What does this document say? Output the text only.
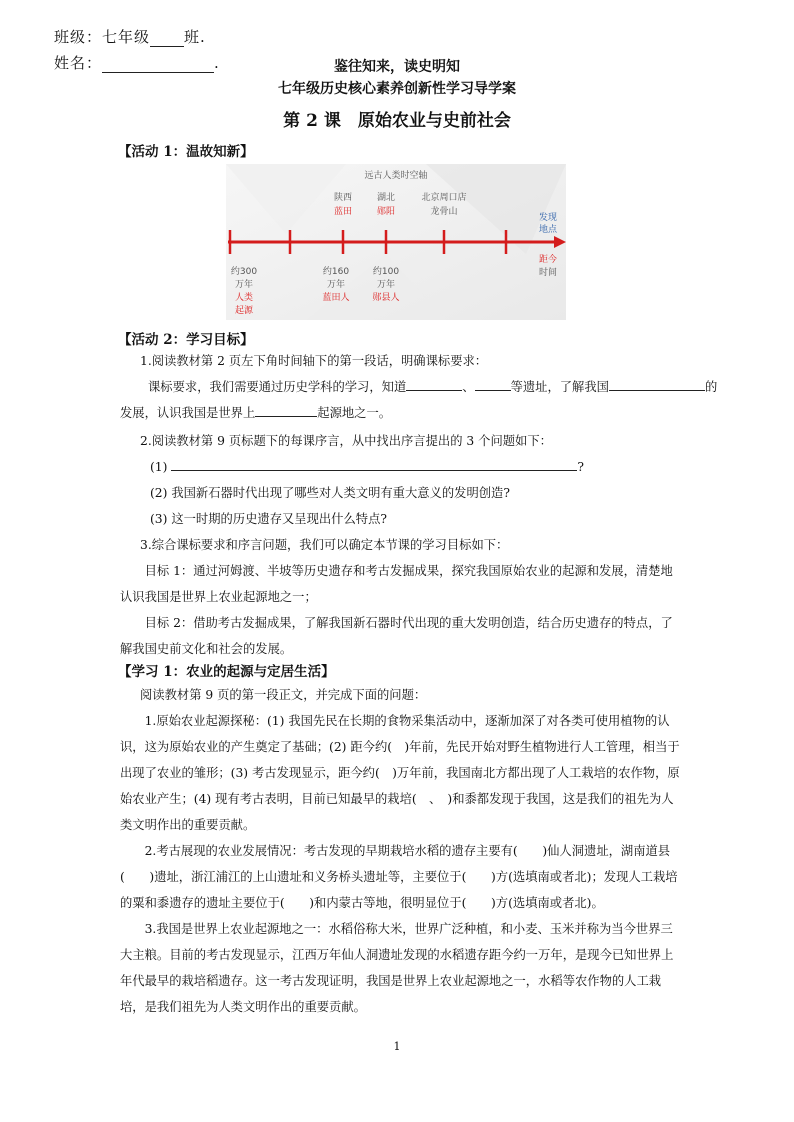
班级：七年级 班.
姓名：	.	鉴往知来，读史明知
七年级历史核心素养创新性学习导学案
第 2 课　原始农业与史前社会
【活动 1：温故知新】
远古人类时空轴
陕西
蓝田
湖北
郧阳
北京周口店
龙骨山
发现
地点
约300
万年
人类
起源
约160
万年
蓝田人
约100
万年
郧县人
距今
时间
【活动 2：学习目标】
1.阅读教材第 2 页左下角时间轴下的第一段话，明确课标要求：
课标要求，我们需要通过历史学科的学习，知道	、	等遗址，了解我国	的
发展，认识我国是世界上	起源地之一。
2.阅读教材第 9 页标题下的每课序言，从中找出序言提出的 3 个问题如下：
(1)	?
(2) 我国新石器时代出现了哪些对人类文明有重大意义的发明创造?
(3) 这一时期的历史遗存又呈现出什么特点?
3.综合课标要求和序言问题，我们可以确定本节课的学习目标如下：
目标 1：通过河姆渡、半坡等历史遗存和考古发掘成果，探究我国原始农业的起源和发展，清楚地认识我国是世界上农业起源地之一；
目标 2：借助考古发掘成果，了解我国新石器时代出现的重大发明创造，结合历史遗存的特点，了解我国史前文化和社会的发展。
【学习 1：农业的起源与定居生活】
阅读教材第 9 页的第一段正文，并完成下面的问题：
1.原始农业起源探秘：(1) 我国先民在长期的食物采集活动中，逐渐加深了对各类可使用植物的认识，这为原始农业的产生奠定了基础；(2) 距今约(　)年前，先民开始对野生植物进行人工管理，相当于出现了农业的雏形；(3) 考古发现显示，距今约(　)万年前，我国南北方都出现了人工栽培的农作物，原始农业产生；(4) 现有考古表明，目前已知最早的栽培(　、　)和黍都发现于我国，这是我们的祖先为人类文明作出的重要贡献。
2.考古展现的农业发展情况：考古发现的早期栽培水稻的遗存主要有(　　)仙人洞遗址，湖南道县(　　)遗址，浙江浦江的上山遗址和义务桥头遗址等，主要位于(　　)方(选填南或者北)；发现人工栽培的粟和黍遗存的遗址主要位于(　　)和内蒙古等地，很明显位于(　　)方(选填南或者北)。
3.我国是世界上农业起源地之一：水稻俗称大米，世界广泛种植，和小麦、玉米并称为当今世界三大主粮。目前的考古发现显示，江西万年仙人洞遗址发现的水稻遗存距今约一万年，是现今已知世界上年代最早的栽培稻遗存。这一考古发现证明，我国是世界上农业起源地之一，水稻等农作物的人工栽培，是我们祖先为人类文明作出的重要贡献。
1
